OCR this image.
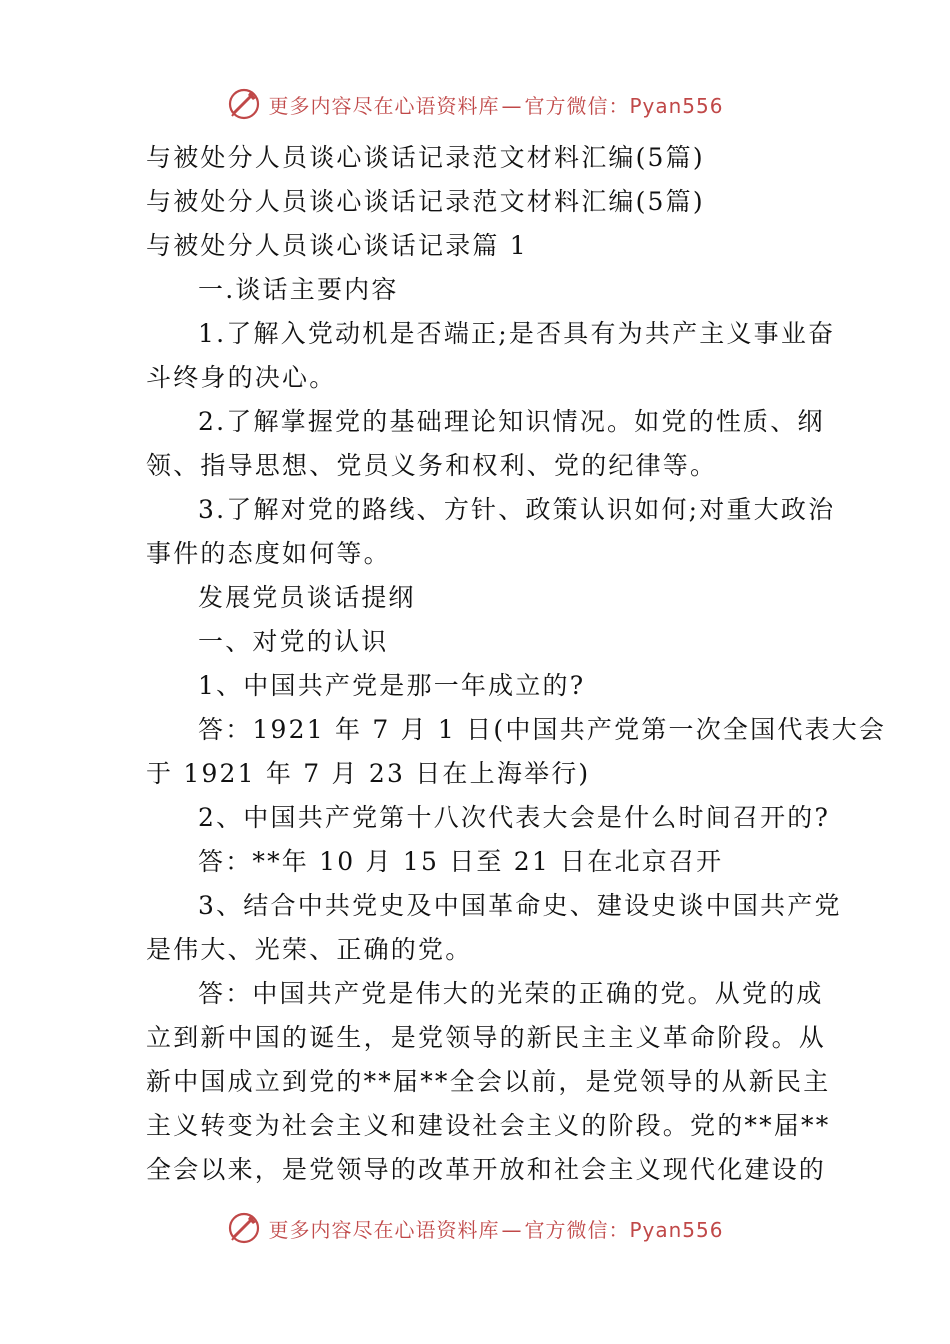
更多内容尽在心语资料库 — 官方微信：Pyan556
与被处分人员谈心谈话记录范文材料汇编(5篇)
与被处分人员谈心谈话记录范文材料汇编(5篇)
与被处分人员谈心谈话记录篇 1
一.谈话主要内容
1.了解入党动机是否端正;是否具有为共产主义事业奋
斗终身的决心。
2.了解掌握党的基础理论知识情况。如党的性质、纲
领、指导思想、党员义务和权利、党的纪律等。
3.了解对党的路线、方针、政策认识如何;对重大政治
事件的态度如何等。
发展党员谈话提纲
一、对党的认识
1、中国共产党是那一年成立的?
答：1921 年 7 月 1 日(中国共产党第一次全国代表大会
于 1921 年 7 月 23 日在上海举行)
2、中国共产党第十八次代表大会是什么时间召开的?
答：**年 10 月 15 日至 21 日在北京召开
3、结合中共党史及中国革命史、建设史谈中国共产党
是伟大、光荣、正确的党。
答：中国共产党是伟大的光荣的正确的党。从党的成
立到新中国的诞生，是党领导的新民主主义革命阶段。从
新中国成立到党的**届**全会以前，是党领导的从新民主
主义转变为社会主义和建设社会主义的阶段。党的**届**
全会以来，是党领导的改革开放和社会主义现代化建设的
更多内容尽在心语资料库 — 官方微信：Pyan556
